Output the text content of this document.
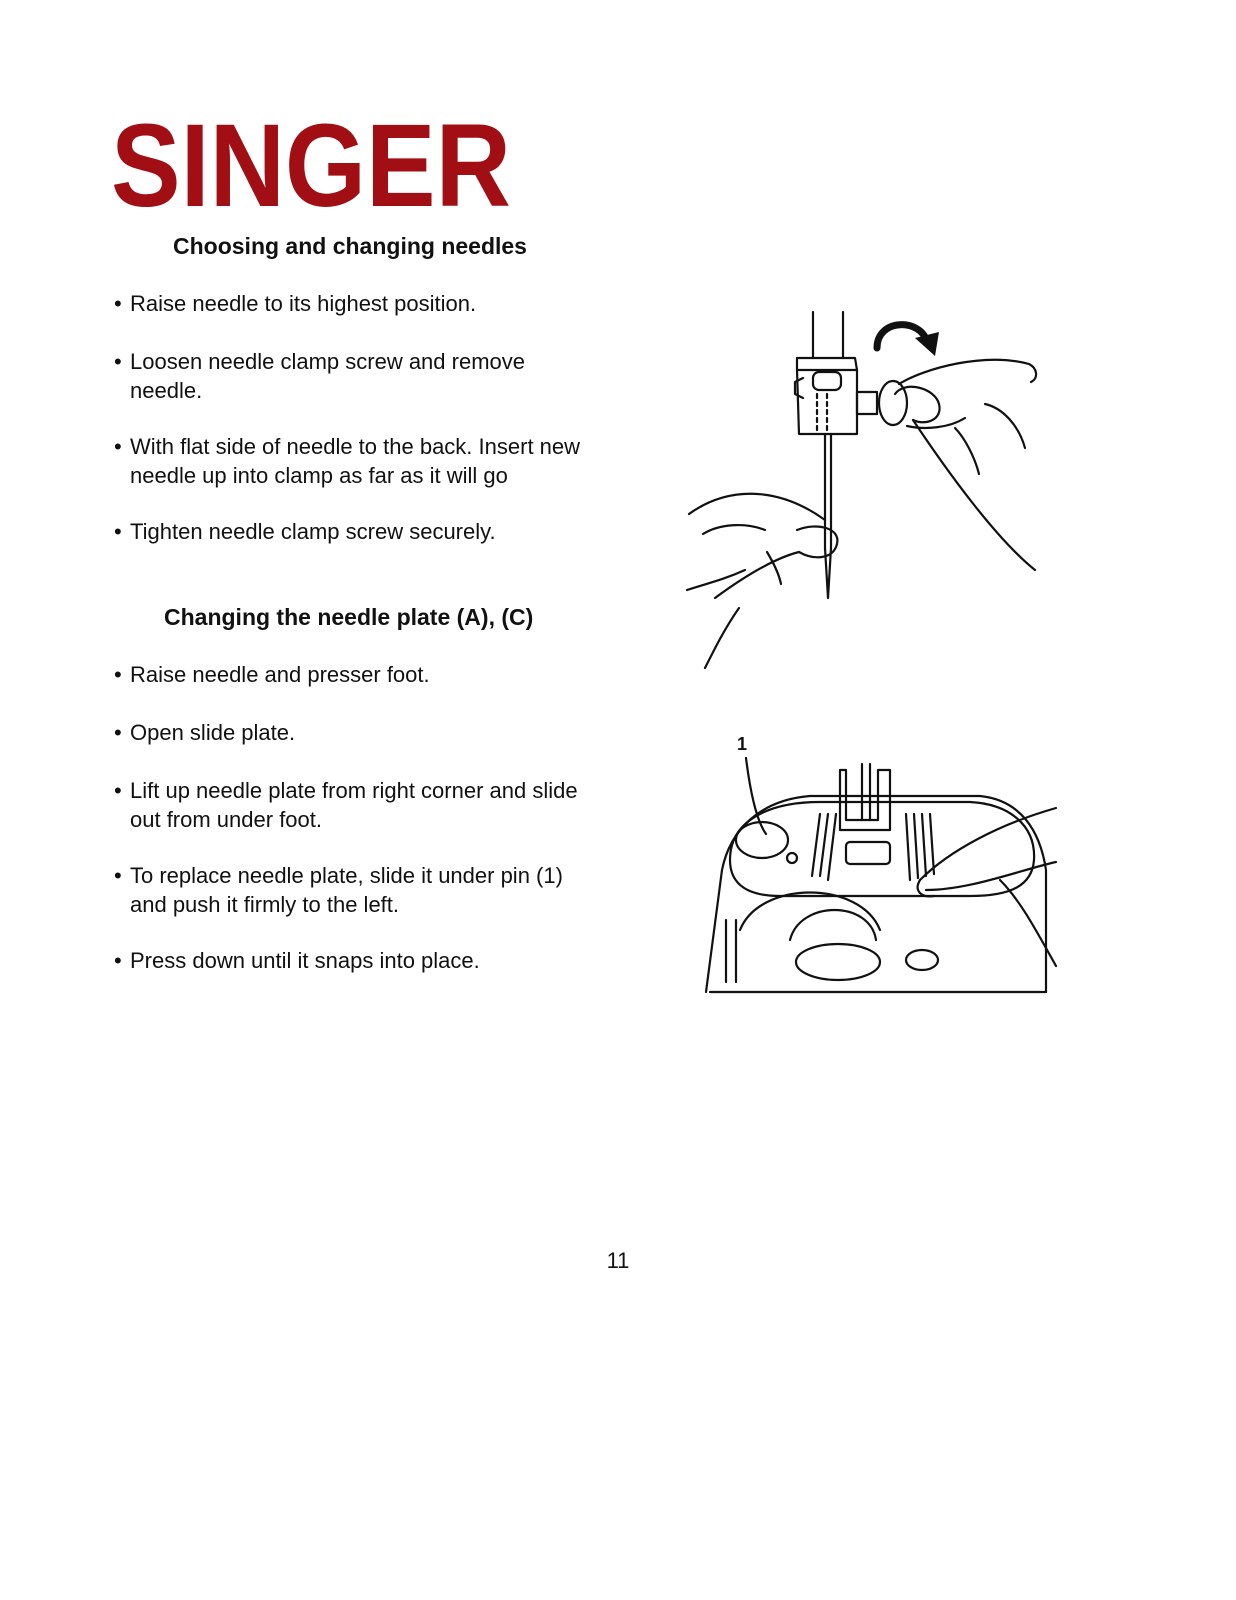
SINGER
Choosing and changing needles
• Raise needle to its highest position.
• Loosen needle clamp screw and remove needle.
• With flat side of needle to the back. Insert new needle up into clamp as far as it will go
• Tighten needle clamp screw securely.
Changing the needle plate (A), (C)
• Raise needle and presser foot.
• Open slide plate.
• Lift up needle plate from right corner and slide out from under foot.
• To replace needle plate, slide it under pin (1) and push it firmly to the left.
• Press down until it snaps into place.
1
11
